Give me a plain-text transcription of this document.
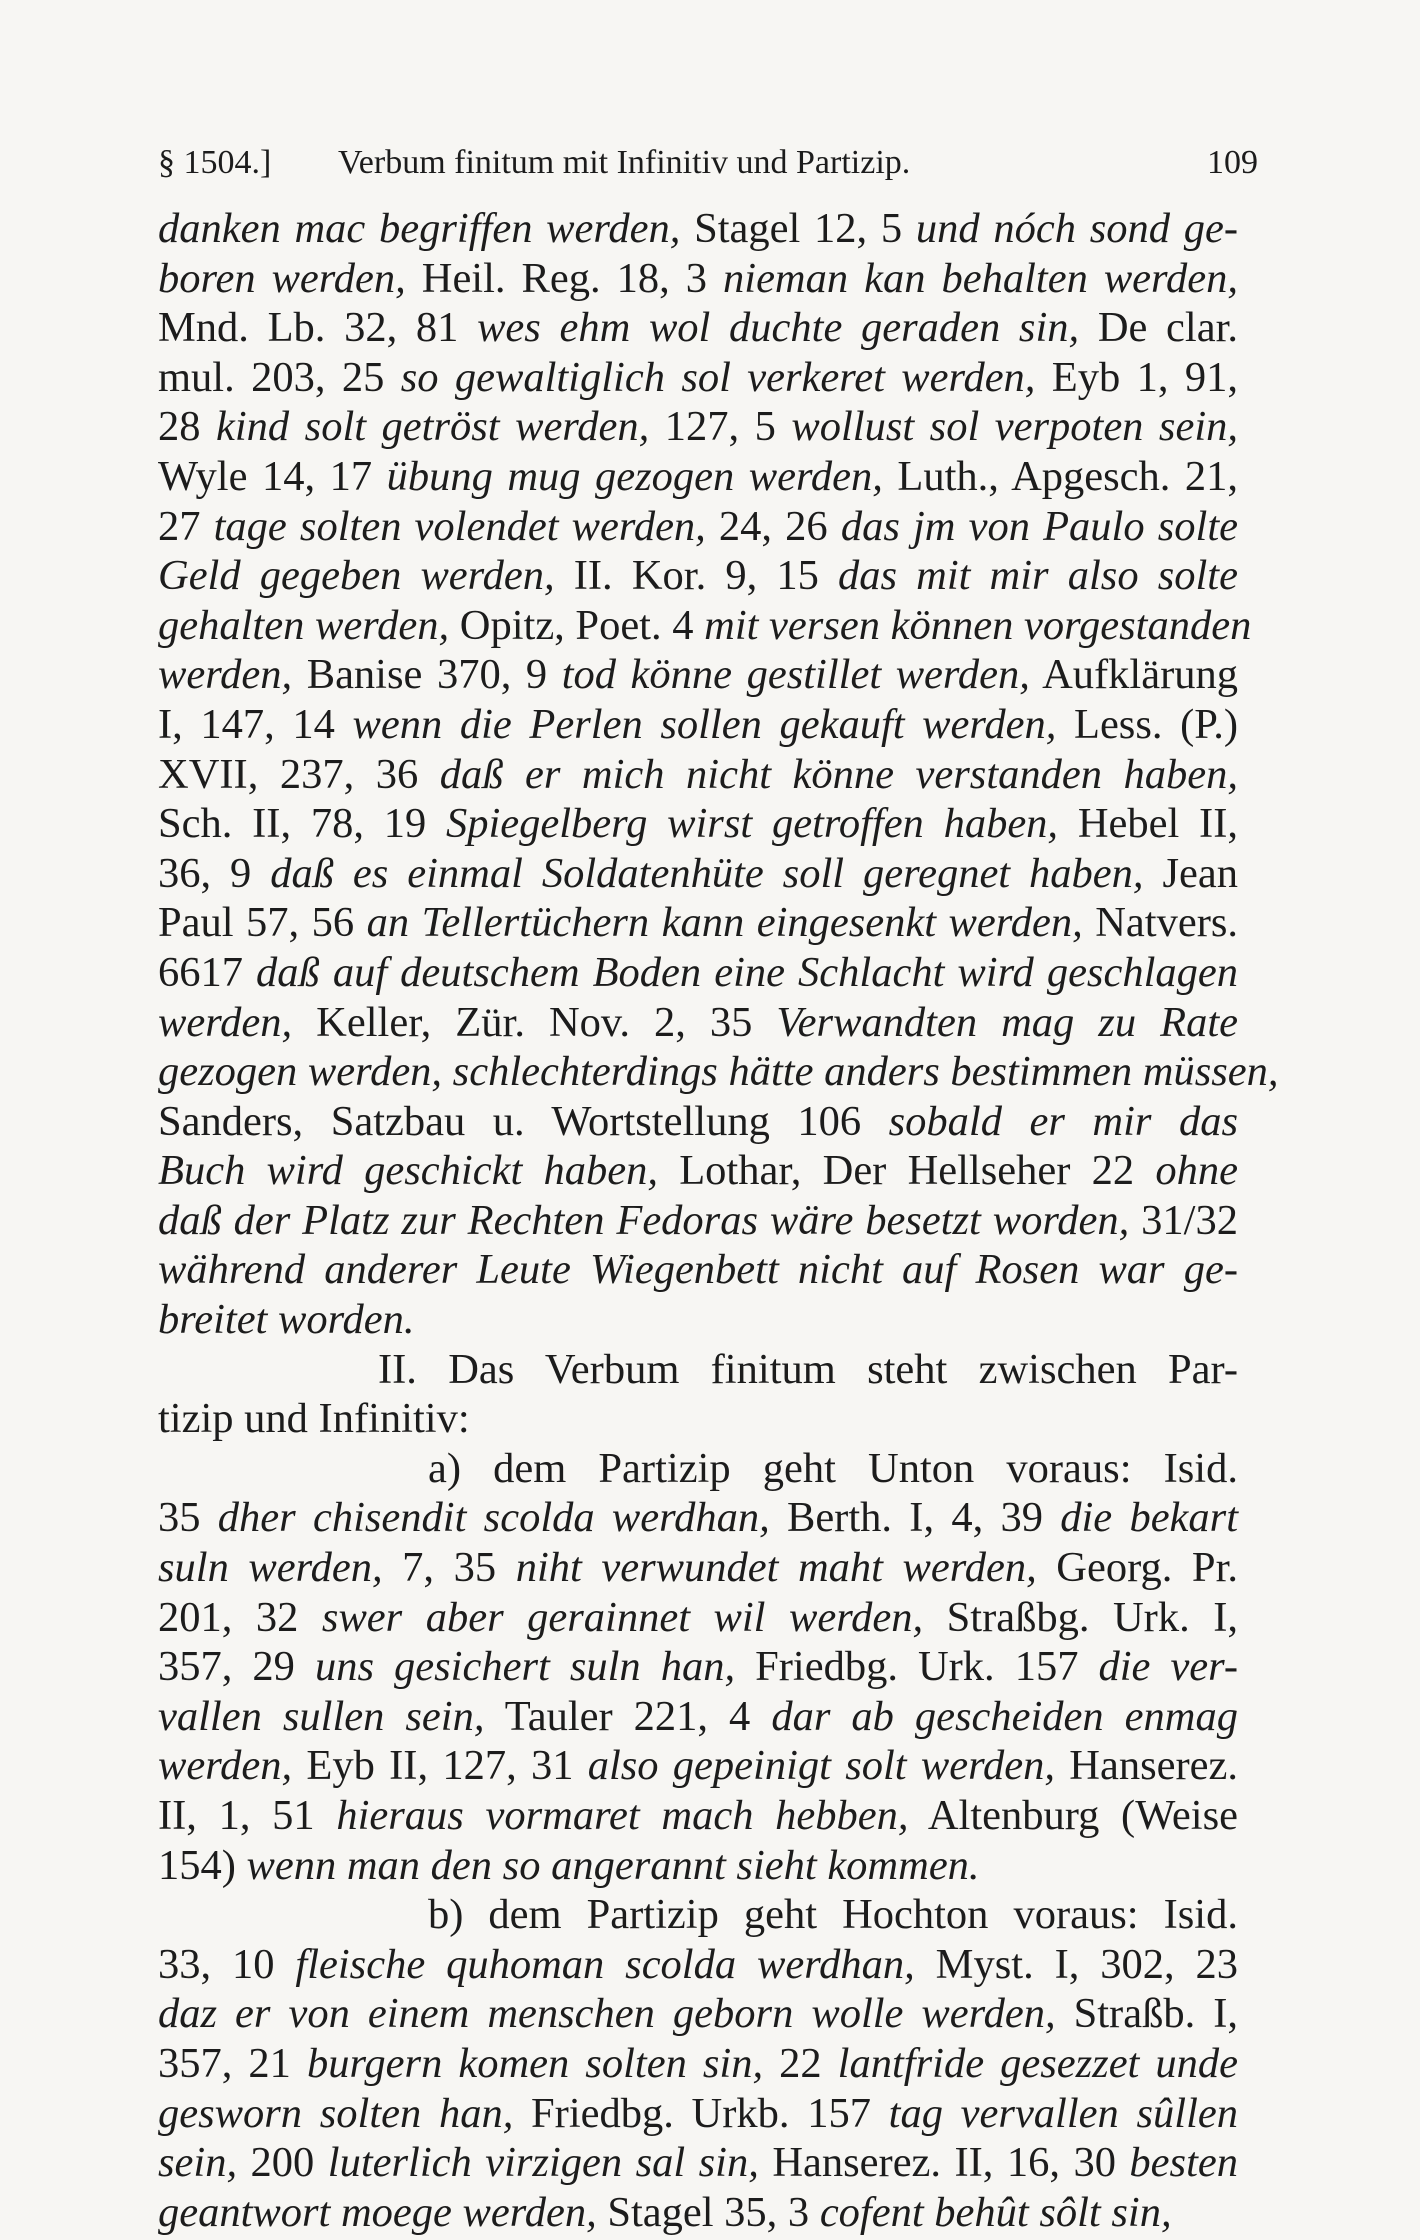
§ 1504.] Verbum finitum mit Infinitiv und Partizip.	109
danken mac begriffen werden, Stagel 12, 5 und nóch sond ge-
boren werden, Heil. Reg. 18, 3 nieman kan behalten werden,
Mnd. Lb. 32, 81 wes ehm wol duchte geraden sin, De clar.
mul. 203, 25 so gewaltiglich sol verkeret werden, Eyb 1, 91,
28 kind solt getröst werden, 127, 5 wollust sol verpoten sein,
Wyle 14, 17 übung mug gezogen werden, Luth., Apgesch. 21,
27 tage solten volendet werden, 24, 26 das jm von Paulo solte
Geld gegeben werden, II. Kor. 9, 15 das mit mir also solte
gehalten werden, Opitz, Poet. 4 mit versen können vorgestanden
werden, Banise 370, 9 tod könne gestillet werden, Aufklärung
I, 147, 14 wenn die Perlen sollen gekauft werden, Less. (P.)
XVII, 237, 36 daß er mich nicht könne verstanden haben,
Sch. II, 78, 19 Spiegelberg wirst getroffen haben, Hebel II,
36, 9 daß es einmal Soldatenhüte soll geregnet haben, Jean
Paul 57, 56 an Tellertüchern kann eingesenkt werden, Natvers.
6617 daß auf deutschem Boden eine Schlacht wird geschlagen
werden, Keller, Zür. Nov. 2, 35 Verwandten mag zu Rate
gezogen werden, schlechterdings hätte anders bestimmen müssen,
Sanders, Satzbau u. Wortstellung 106 sobald er mir das
Buch wird geschickt haben, Lothar, Der Hellseher 22 ohne
daß der Platz zur Rechten Fedoras wäre besetzt worden, 31/32
während anderer Leute Wiegenbett nicht auf Rosen war ge-
breitet worden.
II. Das Verbum finitum steht zwischen Par-
tizip und Infinitiv:
a) dem Partizip geht Unton voraus: Isid.
35 dher chisendit scolda werdhan, Berth. I, 4, 39 die bekart
suln werden, 7, 35 niht verwundet maht werden, Georg. Pr.
201, 32 swer aber gerainnet wil werden, Straßbg. Urk. I,
357, 29 uns gesichert suln han, Friedbg. Urk. 157 die ver-
vallen sullen sein, Tauler 221, 4 dar ab gescheiden enmag
werden, Eyb II, 127, 31 also gepeinigt solt werden, Hanserez.
II, 1, 51 hieraus vormaret mach hebben, Altenburg (Weise
154) wenn man den so angerannt sieht kommen.
b) dem Partizip geht Hochton voraus: Isid.
33, 10 fleische quhoman scolda werdhan, Myst. I, 302, 23
daz er von einem menschen geborn wolle werden, Straßb. I,
357, 21 burgern komen solten sin, 22 lantfride gesezzet unde
gesworn solten han, Friedbg. Urkb. 157 tag vervallen sûllen
sein, 200 luterlich virzigen sal sin, Hanserez. II, 16, 30 besten
geantwort moege werden, Stagel 35, 3 cofent behût sôlt sin,
